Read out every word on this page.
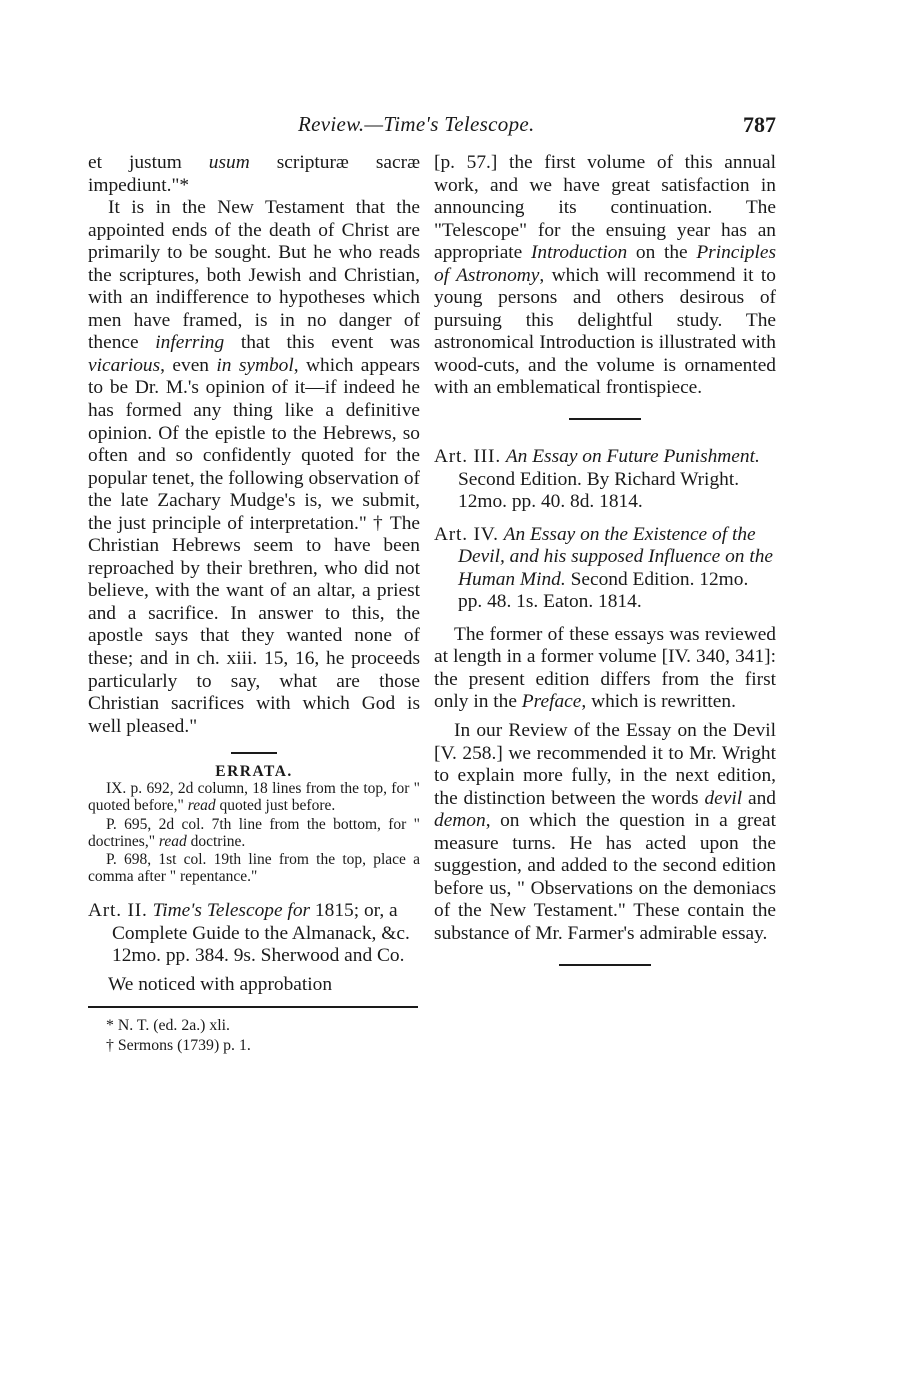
Review.—Time's Telescope.	787

et justum usum scripturæ sacræ impediunt."*

It is in the New Testament that the appointed ends of the death of Christ are primarily to be sought. But he who reads the scriptures, both Jewish and Christian, with an indifference to hypotheses which men have framed, is in no danger of thence inferring that this event was vicarious, even in symbol, which appears to be Dr. M.'s opinion of it—if indeed he has formed any thing like a definitive opinion. Of the epistle to the Hebrews, so often and so confidently quoted for the popular tenet, the following observation of the late Zachary Mudge's is, we submit, the just principle of interpretation." † The Christian Hebrews seem to have been reproached by their brethren, who did not believe, with the want of an altar, a priest and a sacrifice. In answer to this, the apostle says that they wanted none of these; and in ch. xiii. 15, 16, he proceeds particularly to say, what are those Christian sacrifices with which God is well pleased."

ERRATA.

IX. p. 692, 2d column, 18 lines from the top, for " quoted before," read quoted just before.

P. 695, 2d col. 7th line from the bottom, for " doctrines," read doctrine.

P. 698, 1st col. 19th line from the top, place a comma after " repentance."

Art. II. Time's Telescope for 1815; or, a Complete Guide to the Almanack, &c. 12mo. pp. 384. 9s. Sherwood and Co.

We noticed with approbation

* N. T. (ed. 2a.) xli.

† Sermons (1739) p. 1.

[p. 57.] the first volume of this annual work, and we have great satisfaction in announcing its continuation. The "Telescope" for the ensuing year has an appropriate Introduction on the Principles of Astronomy, which will recommend it to young persons and others desirous of pursuing this delightful study. The astronomical Introduction is illustrated with wood-cuts, and the volume is ornamented with an emblematical frontispiece.

Art. III. An Essay on Future Punishment. Second Edition. By Richard Wright. 12mo. pp. 40. 8d. 1814.

Art. IV. An Essay on the Existence of the Devil, and his supposed Influence on the Human Mind. Second Edition. 12mo. pp. 48. 1s. Eaton. 1814.

The former of these essays was reviewed at length in a former volume [IV. 340, 341]: the present edition differs from the first only in the Preface, which is rewritten.

In our Review of the Essay on the Devil [V. 258.] we recommended it to Mr. Wright to explain more fully, in the next edition, the distinction between the words devil and demon, on which the question in a great measure turns. He has acted upon the suggestion, and added to the second edition before us, " Observations on the demoniacs of the New Testament." These contain the substance of Mr. Farmer's admirable essay.
